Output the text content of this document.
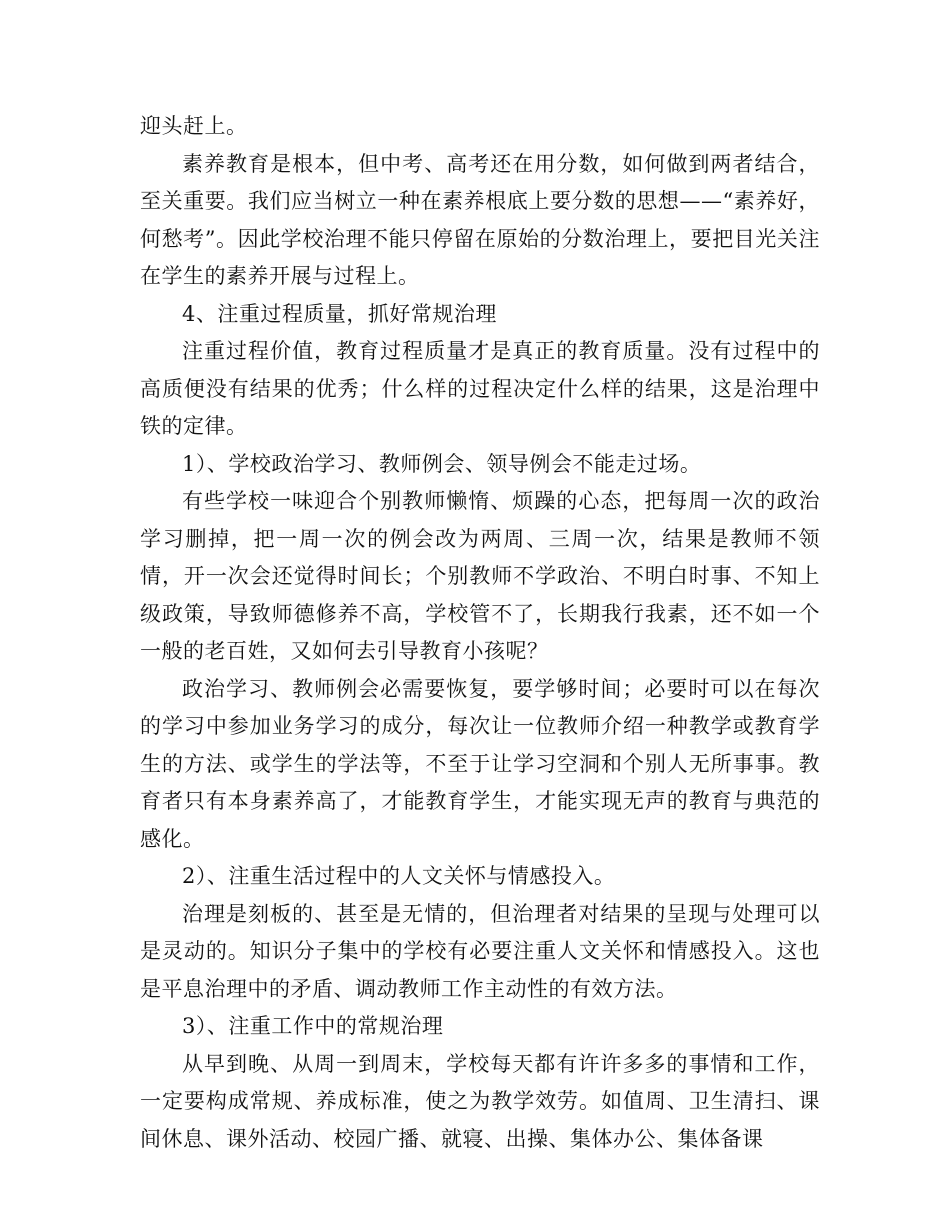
迎头赶上。

素养教育是根本，但中考、高考还在用分数，如何做到两者结合，至关重要。我们应当树立一种在素养根底上要分数的思想——“素养好，何愁考”。因此学校治理不能只停留在原始的分数治理上，要把目光关注在学生的素养开展与过程上。

4、注重过程质量，抓好常规治理

注重过程价值，教育过程质量才是真正的教育质量。没有过程中的高质便没有结果的优秀；什么样的过程决定什么样的结果，这是治理中铁的定律。

1）、学校政治学习、教师例会、领导例会不能走过场。

有些学校一味迎合个别教师懒惰、烦躁的心态，把每周一次的政治学习删掉，把一周一次的例会改为两周、三周一次，结果是教师不领情，开一次会还觉得时间长；个别教师不学政治、不明白时事、不知上级政策，导致师德修养不高，学校管不了，长期我行我素，还不如一个一般的老百姓，又如何去引导教育小孩呢？

政治学习、教师例会必需要恢复，要学够时间；必要时可以在每次的学习中参加业务学习的成分，每次让一位教师介绍一种教学或教育学生的方法、或学生的学法等，不至于让学习空洞和个别人无所事事。教育者只有本身素养高了，才能教育学生，才能实现无声的教育与典范的感化。

2）、注重生活过程中的人文关怀与情感投入。

治理是刻板的、甚至是无情的，但治理者对结果的呈现与处理可以是灵动的。知识分子集中的学校有必要注重人文关怀和情感投入。这也是平息治理中的矛盾、调动教师工作主动性的有效方法。

3）、注重工作中的常规治理

从早到晚、从周一到周末，学校每天都有许许多多的事情和工作，一定要构成常规、养成标准，使之为教学效劳。如值周、卫生清扫、课间休息、课外活动、校园广播、就寝、出操、集体办公、集体备课
